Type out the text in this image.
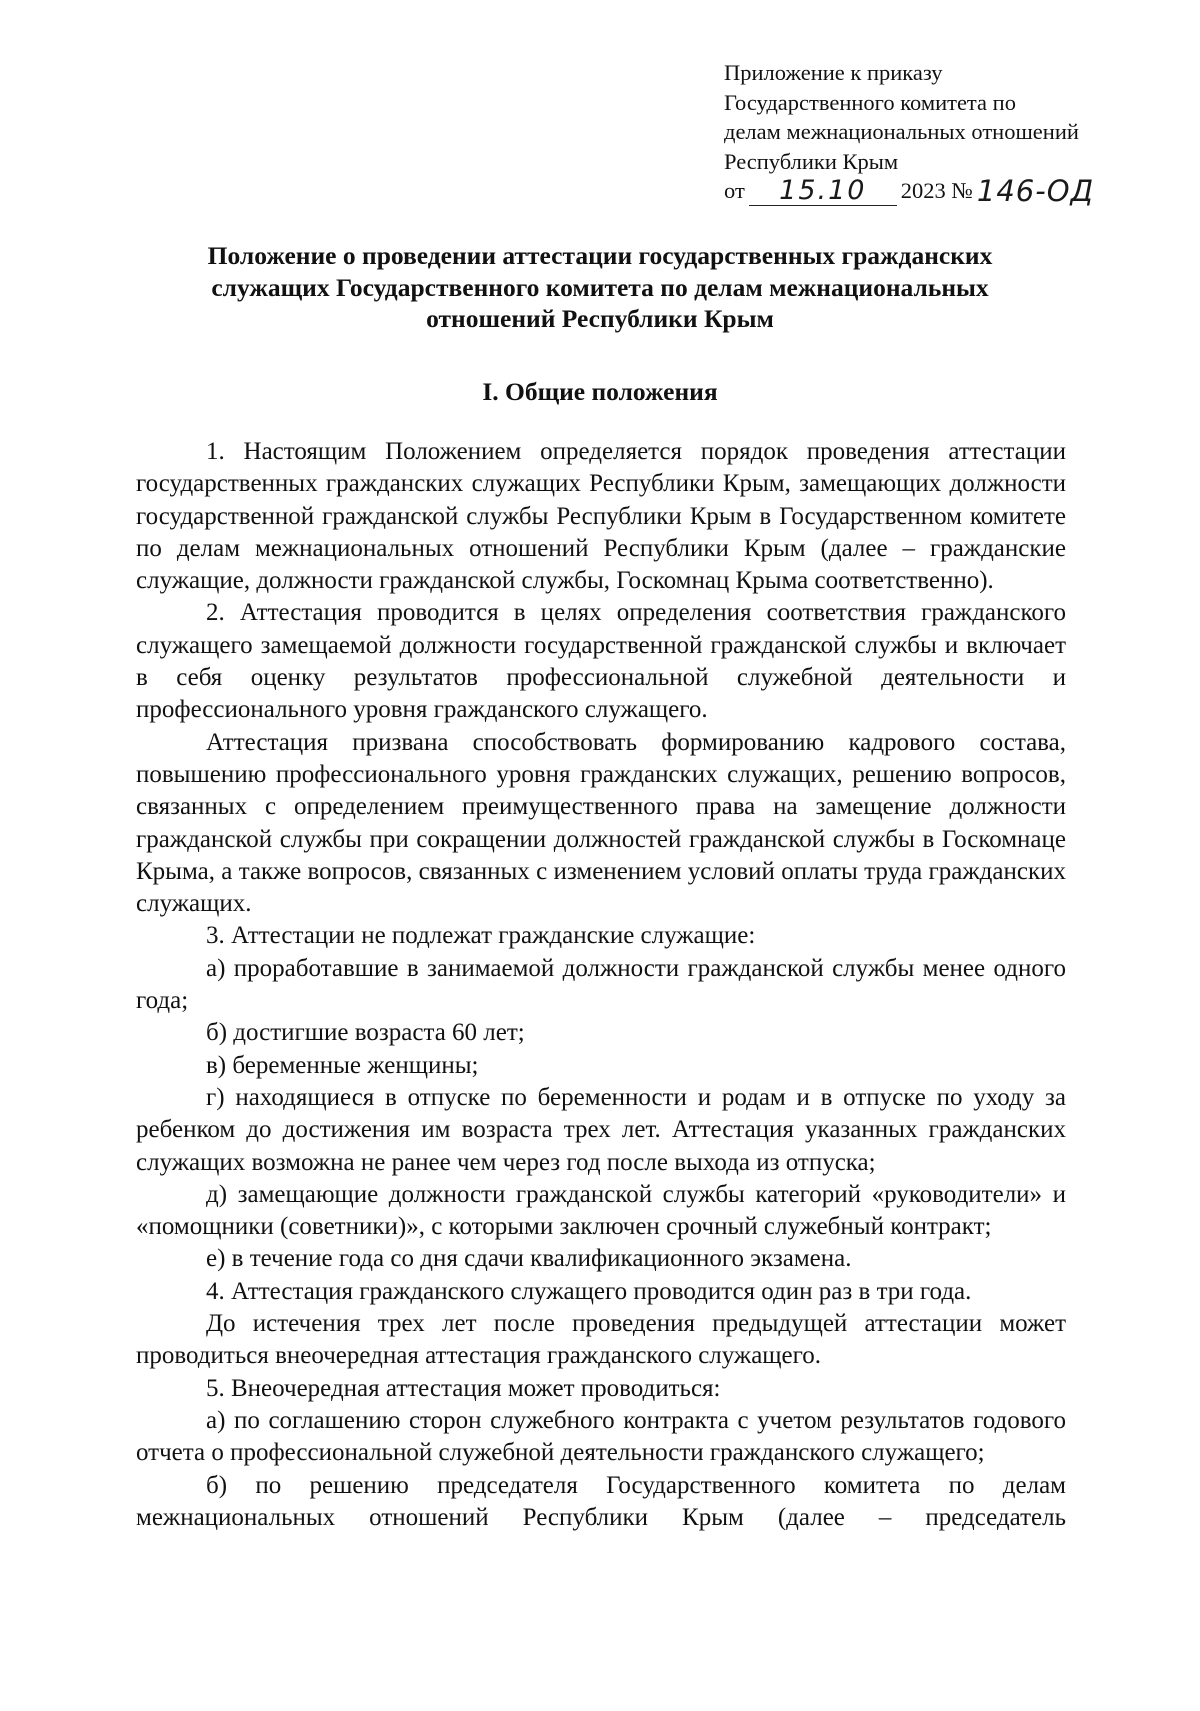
Приложение к приказу
Государственного комитета по
делам межнациональных отношений
Республики Крым
от	15.10	2023 № 146-ОД
Положение о проведении аттестации государственных гражданских
служащих Государственного комитета по делам межнациональных
отношений Республики Крым
I. Общие положения

1. Настоящим Положением определяется порядок проведения аттестации государственных гражданских служащих Республики Крым, замещающих должности государственной гражданской службы Республики Крым в Государственном комитете по делам межнациональных отношений Республики Крым (далее – гражданские служащие, должности гражданской службы, Госкомнац Крыма соответственно).

2. Аттестация проводится в целях определения соответствия гражданского служащего замещаемой должности государственной гражданской службы и включает в себя оценку результатов профессиональной служебной деятельности и профессионального уровня гражданского служащего.

Аттестация призвана способствовать формированию кадрового состава, повышению профессионального уровня гражданских служащих, решению вопросов, связанных с определением преимущественного права на замещение должности гражданской службы при сокращении должностей гражданской службы в Госкомнаце Крыма, а также вопросов, связанных с изменением условий оплаты труда гражданских служащих.

3. Аттестации не подлежат гражданские служащие:

а) проработавшие в занимаемой должности гражданской службы менее одного года;

б) достигшие возраста 60 лет;

в) беременные женщины;

г) находящиеся в отпуске по беременности и родам и в отпуске по уходу за ребенком до достижения им возраста трех лет. Аттестация указанных гражданских служащих возможна не ранее чем через год после выхода из отпуска;

д) замещающие должности гражданской службы категорий «руководители» и «помощники (советники)», с которыми заключен срочный служебный контракт;

е) в течение года со дня сдачи квалификационного экзамена.

4. Аттестация гражданского служащего проводится один раз в три года.

До истечения трех лет после проведения предыдущей аттестации может проводиться внеочередная аттестация гражданского служащего.

5. Внеочередная аттестация может проводиться:

а) по соглашению сторон служебного контракта с учетом результатов годового отчета о профессиональной служебной деятельности гражданского служащего;

б) по решению председателя Государственного комитета по делам межнациональных отношений Республики Крым (далее – председатель
